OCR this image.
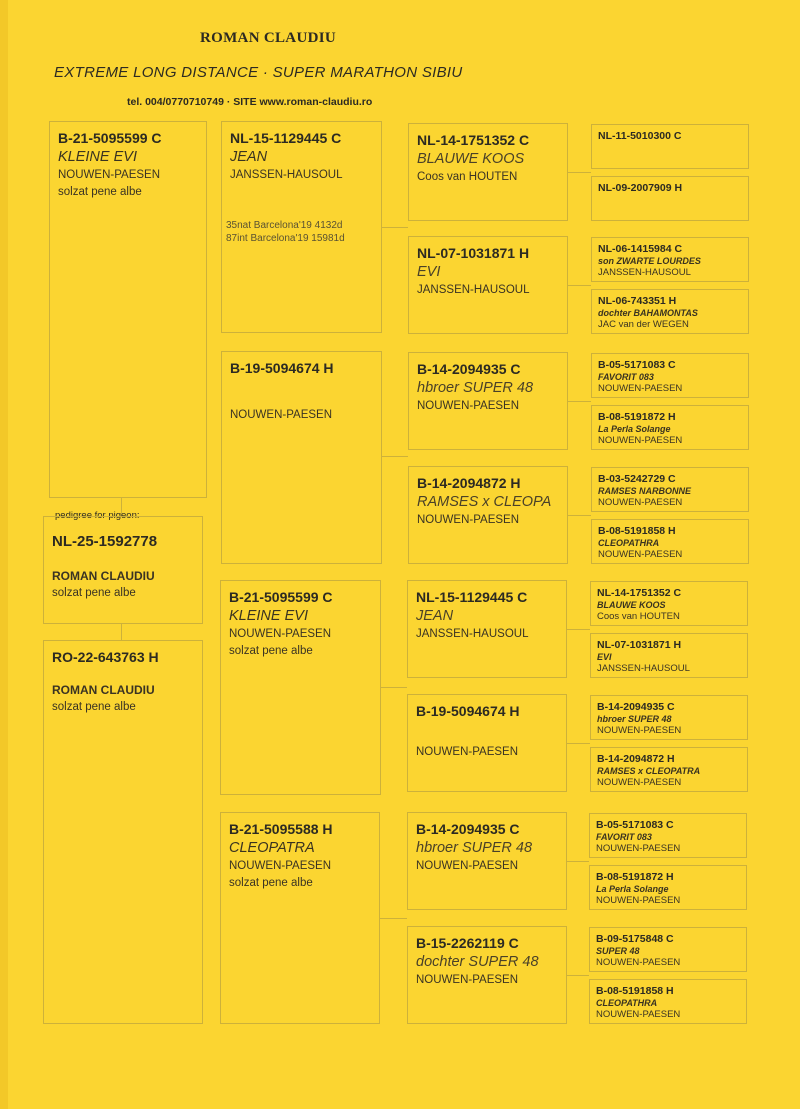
ROMAN CLAUDIU
EXTREME LONG DISTANCE · SUPER MARATHON SIBIU
tel. 004/0770710749 · SITE www.roman-claudiu.ro
B-21-5095599 C
KLEINE EVI
NOUWEN-PAESEN
solzat pene albe
pedigree for pigeon:
NL-25-1592778
ROMAN CLAUDIU
solzat pene albe
RO-22-643763 H
ROMAN CLAUDIU
solzat pene albe
NL-15-1129445 C
JEAN
JANSSEN-HAUSOUL
35nat Barcelona'19 4132d
87int Barcelona'19 15981d
B-19-5094674 H
NOUWEN-PAESEN
B-21-5095599 C
KLEINE EVI
NOUWEN-PAESEN
solzat pene albe
B-21-5095588 H
CLEOPATRA
NOUWEN-PAESEN
solzat pene albe
NL-14-1751352 C
BLAUWE KOOS
Coos van HOUTEN
NL-07-1031871 H
EVI
JANSSEN-HAUSOUL
B-14-2094935 C
hbroer SUPER 48
NOUWEN-PAESEN
B-14-2094872 H
RAMSES x CLEOPA
NOUWEN-PAESEN
NL-15-1129445 C
JEAN
JANSSEN-HAUSOUL
B-19-5094674 H
NOUWEN-PAESEN
B-14-2094935 C
hbroer SUPER 48
NOUWEN-PAESEN
B-15-2262119 C
dochter SUPER 48
NOUWEN-PAESEN
NL-11-5010300 C
NL-09-2007909 H
NL-06-1415984 C
son ZWARTE LOURDES
JANSSEN-HAUSOUL
NL-06-743351 H
dochter BAHAMONTAS
JAC van der WEGEN
B-05-5171083 C
FAVORIT 083
NOUWEN-PAESEN
B-08-5191872 H
La Perla Solange
NOUWEN-PAESEN
B-03-5242729 C
RAMSES NARBONNE
NOUWEN-PAESEN
B-08-5191858 H
CLEOPATHRA
NOUWEN-PAESEN
NL-14-1751352 C
BLAUWE KOOS
Coos van HOUTEN
NL-07-1031871 H
EVI
JANSSEN-HAUSOUL
B-14-2094935 C
hbroer SUPER 48
NOUWEN-PAESEN
B-14-2094872 H
RAMSES x CLEOPATRA
NOUWEN-PAESEN
B-05-5171083 C
FAVORIT 083
NOUWEN-PAESEN
B-08-5191872 H
La Perla Solange
NOUWEN-PAESEN
B-09-5175848 C
SUPER 48
NOUWEN-PAESEN
B-08-5191858 H
CLEOPATHRA
NOUWEN-PAESEN
